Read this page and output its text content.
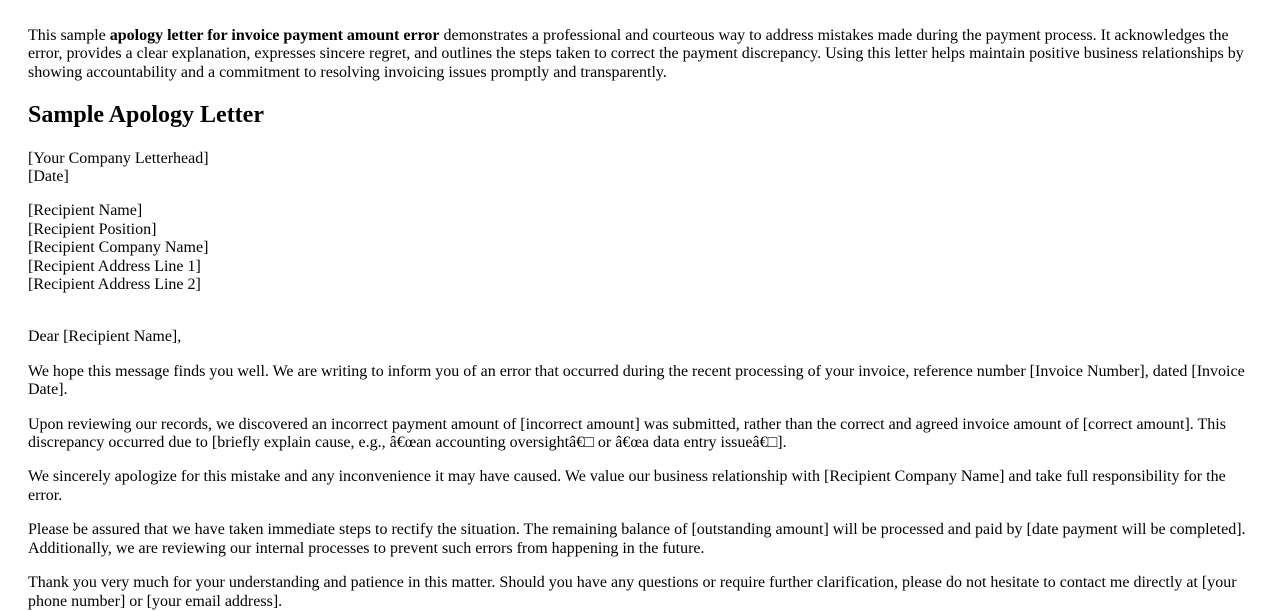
This sample apology letter for invoice payment amount error demonstrates a professional and courteous way to address mistakes made during the payment process. It acknowledges the error, provides a clear explanation, expresses sincere regret, and outlines the steps taken to correct the payment discrepancy. Using this letter helps maintain positive business relationships by showing accountability and a commitment to resolving invoicing issues promptly and transparently.
Sample Apology Letter
[Your Company Letterhead]
[Date]
[Recipient Name]
[Recipient Position]
[Recipient Company Name]
[Recipient Address Line 1]
[Recipient Address Line 2]
Dear [Recipient Name],
We hope this message finds you well. We are writing to inform you of an error that occurred during the recent processing of your invoice, reference number [Invoice Number], dated [Invoice Date].
Upon reviewing our records, we discovered an incorrect payment amount of [incorrect amount] was submitted, rather than the correct and agreed invoice amount of [correct amount]. This discrepancy occurred due to [briefly explain cause, e.g., â€œan accounting oversightâ€□ or â€œa data entry issueâ€□].
We sincerely apologize for this mistake and any inconvenience it may have caused. We value our business relationship with [Recipient Company Name] and take full responsibility for the error.
Please be assured that we have taken immediate steps to rectify the situation. The remaining balance of [outstanding amount] will be processed and paid by [date payment will be completed]. Additionally, we are reviewing our internal processes to prevent such errors from happening in the future.
Thank you very much for your understanding and patience in this matter. Should you have any questions or require further clarification, please do not hesitate to contact me directly at [your phone number] or [your email address].
